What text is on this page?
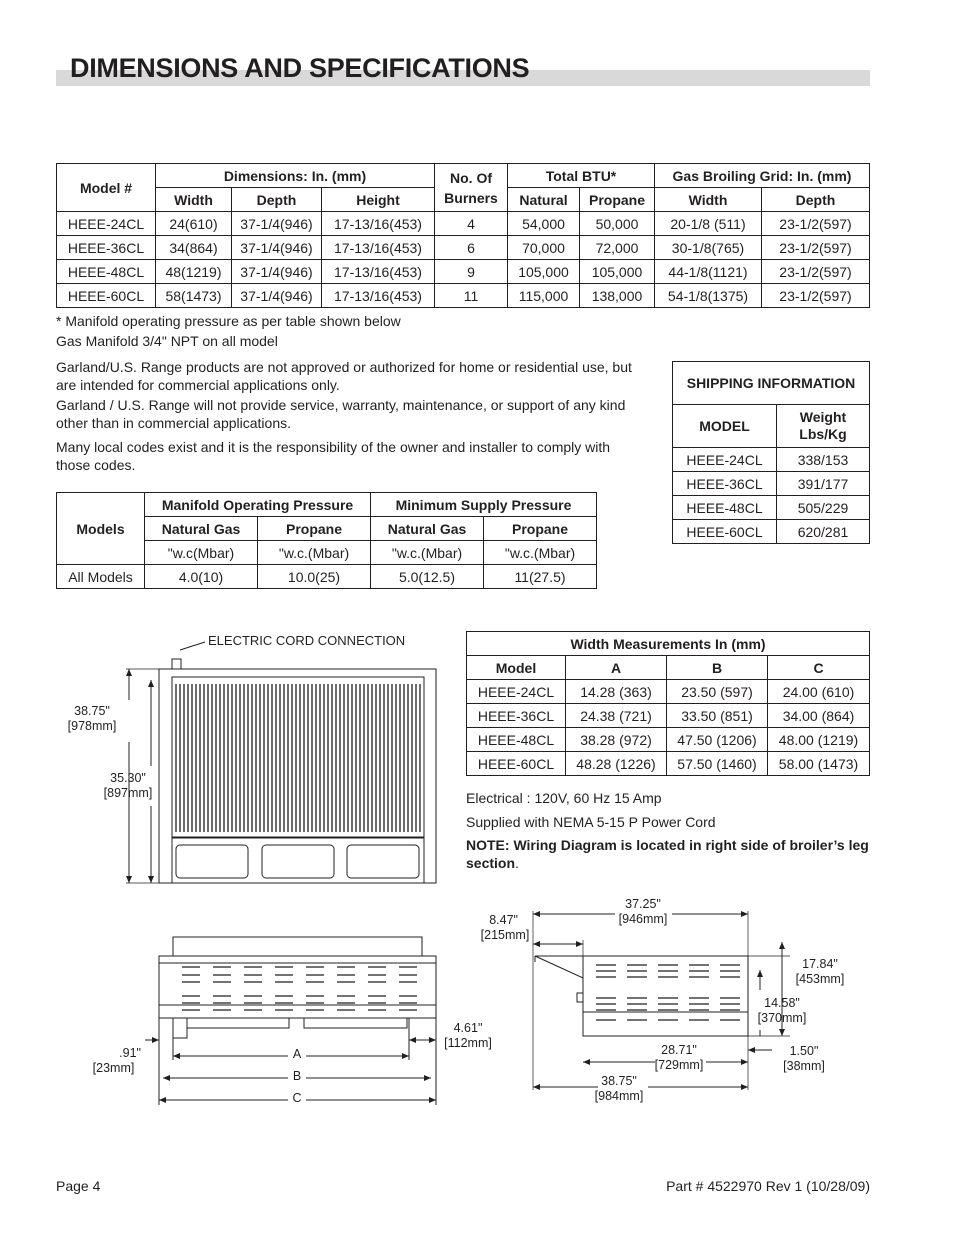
DIMENSIONS AND SPECIFICATIONS
Model #	Dimensions: In. (mm)			No. Of Burners	Total BTU*		Gas Broiling Grid: In. (mm)	
	Width	Depth	Height		Natural	Propane	Width	Depth
HEEE-24CL	24(610)	37-1/4(946)	17-13/16(453)	4	54,000	50,000	20-1/8 (511)	23-1/2(597)
HEEE-36CL	34(864)	37-1/4(946)	17-13/16(453)	6	70,000	72,000	30-1/8(765)	23-1/2(597)
HEEE-48CL	48(1219)	37-1/4(946)	17-13/16(453)	9	105,000	105,000	44-1/8(1121)	23-1/2(597)
HEEE-60CL	58(1473)	37-1/4(946)	17-13/16(453)	11	115,000	138,000	54-1/8(1375)	23-1/2(597)
* Manifold operating pressure as per table shown below
Gas Manifold 3/4" NPT on all model
Garland/U.S. Range products are not approved or authorized for home or residential use, but are intended for commercial applications only.
Garland / U.S. Range will not provide service, warranty, maintenance, or support of any kind other than in commercial applications.
Many local codes exist and it is the responsibility of the owner and installer to comply with those codes.
SHIPPING INFORMATION	
MODEL	Weight Lbs/Kg
HEEE-24CL	338/153
HEEE-36CL	391/177
HEEE-48CL	505/229
HEEE-60CL	620/281
Models	Manifold Operating Pressure		Minimum Supply Pressure	
	Natural Gas	Propane	Natural Gas	Propane
	"w.c(Mbar)	"w.c.(Mbar)	"w.c.(Mbar)	"w.c.(Mbar)
All Models	4.0(10)	10.0(25)	5.0(12.5)	11(27.5)
Width Measurements In (mm)			
Model	A	B	C
HEEE-24CL	14.28 (363)	23.50 (597)	24.00 (610)
HEEE-36CL	24.38 (721)	33.50 (851)	34.00 (864)
HEEE-48CL	38.28 (972)	47.50 (1206)	48.00 (1219)
HEEE-60CL	48.28 (1226)	57.50 (1460)	58.00 (1473)
Electrical : 120V, 60 Hz 15 Amp
Supplied with NEMA 5-15 P Power Cord
NOTE: Wiring Diagram is located in right side of broiler’s leg section.
ELECTRIC CORD CONNECTION
38.75"
[978mm]
35.30"
[897mm]
.91"
[23mm]
4.61"
[112mm]
A
B
C
37.25"
[946mm]
8.47"
[215mm]
17.84"
[453mm]
14.58"
[370mm]
28.71"
[729mm]
1.50"
[38mm]
38.75"
[984mm]
Page 4	Part # 4522970 Rev 1 (10/28/09)
